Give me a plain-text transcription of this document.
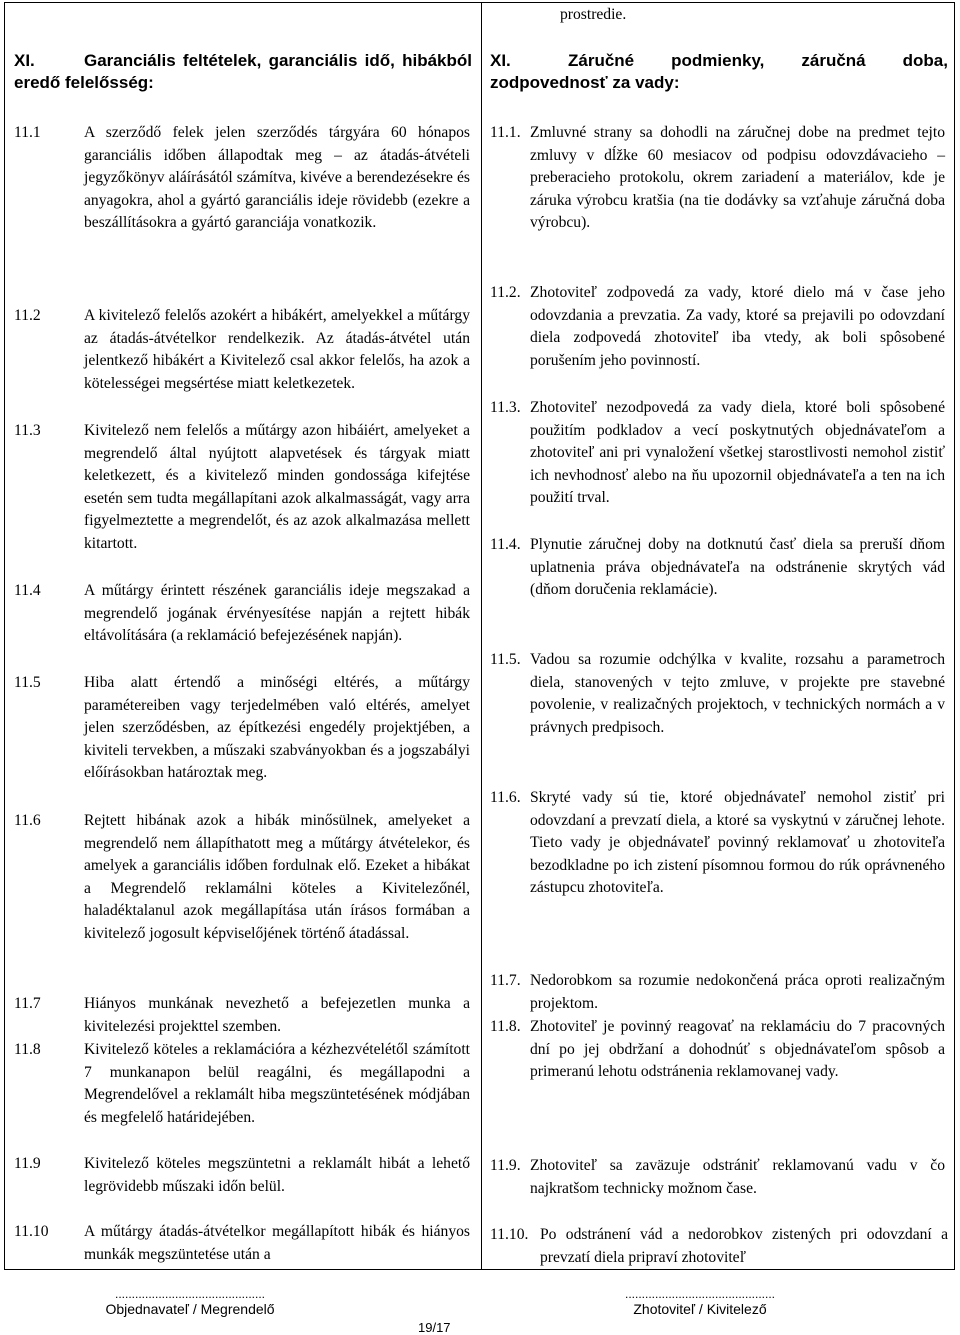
prostredie.
XI.	Garanciális feltételek, garanciális idő, hibákból eredő felelősség:
XI.	Záručné podmienky, záručná doba, zodpovednosť za vady:
11.1	A szerződő felek jelen szerződés tárgyára 60 hónapos garanciális időben állapodtak meg – az átadás-átvételi jegyzőkönyv aláírásától számítva, kivéve a berendezésekre és anyagokra, ahol a gyártó garanciális ideje rövidebb (ezekre a beszállításokra a gyártó garanciája vonatkozik.
11.2	A kivitelező felelős azokért a hibákért, amelyekkel a műtárgy az átadás-átvételkor rendelkezik. Az átadás-átvétel után jelentkező hibákért a Kivitelező csal akkor felelős, ha azok a kötelességei megsértése miatt keletkezetek.
11.3	Kivitelező nem felelős a műtárgy azon hibáiért, amelyeket a megrendelő által nyújtott alapvetések és tárgyak miatt keletkezett, és a kivitelező minden gondossága kifejtése esetén sem tudta megállapítani azok alkalmasságát, vagy arra figyelmeztette a megrendelőt, és az azok alkalmazása mellett kitartott.
11.4	A műtárgy érintett részének garanciális ideje megszakad a megrendelő jogának érvényesítése napján a rejtett hibák eltávolítására (a reklamáció befejezésének napján).
11.5	Hiba alatt értendő a minőségi eltérés, a műtárgy paramétereiben vagy terjedelmében való eltérés, amelyet jelen szerződésben, az építkezési engedély projektjében, a kiviteli tervekben, a műszaki szabványokban és a jogszabályi előírásokban határoztak meg.
11.6	Rejtett hibának azok a hibák minősülnek, amelyeket a megrendelő nem állapíthatott meg a műtárgy átvételekor, és amelyek a garanciális időben fordulnak elő. Ezeket a hibákat a Megrendelő reklamálni köteles a Kivitelezőnél, haladéktalanul azok megállapítása után írásos formában a kivitelező jogosult képviselőjének történő átadással.
11.7	Hiányos munkának nevezhető a befejezetlen munka a kivitelezési projekttel szemben.
11.8	Kivitelező köteles a reklamációra a kézhezvételétől számított 7 munkanapon belül reagálni, és megállapodni a Megrendelővel a reklamált hiba megszüntetésének módjában és megfelelő határidejében.
11.9	Kivitelező köteles megszüntetni a reklamált hibát a lehető legrövidebb műszaki időn belül.
11.10	A műtárgy átadás-átvételkor megállapított hibák és hiányos munkák megszüntetése után a
11.1. Zmluvné strany sa dohodli na záručnej dobe na predmet tejto zmluvy v dĺžke 60 mesiacov od podpisu odovzdávacieho – preberacieho protokolu, okrem zariadení a materiálov, kde je záruka výrobcu kratšia (na tie dodávky sa vzťahuje záručná doba výrobcu).
11.2. Zhotoviteľ zodpovedá za vady, ktoré dielo má v čase jeho odovzdania a prevzatia. Za vady, ktoré sa prejavili po odovzdaní diela zodpovedá zhotoviteľ iba vtedy, ak boli spôsobené porušením jeho povinností.
11.3. Zhotoviteľ nezodpovedá za vady diela, ktoré boli spôsobené použitím podkladov a vecí poskytnutých objednávateľom a zhotoviteľ ani pri vynaložení všetkej starostlivosti nemohol zistiť ich nevhodnosť alebo na ňu upozornil objednávateľa a ten na ich použití trval.
11.4. Plynutie záručnej doby na dotknutú časť diela sa preruší dňom uplatnenia práva objednávateľa na odstránenie skrytých vád (dňom doručenia reklamácie).
11.5. Vadou sa rozumie odchýlka v kvalite, rozsahu a parametroch diela, stanovených v tejto zmluve, v projekte pre stavebné povolenie, v realizačných projektoch, v technických normách a v právnych predpisoch.
11.6. Skryté vady sú tie, ktoré objednávateľ nemohol zistiť pri odovzdaní a prevzatí diela, a ktoré sa vyskytnú v záručnej lehote. Tieto vady je objednávateľ povinný reklamovať u zhotoviteľa bezodkladne po ich zistení písomnou formou do rúk oprávneného zástupcu zhotoviteľa.
11.7. Nedorobkom sa rozumie nedokončená práca oproti realizačným projektom.
11.8. Zhotoviteľ je povinný reagovať na reklamáciu do 7 pracovných dní po jej obdržaní a dohodnúť s objednávateľom spôsob a primeranú lehotu odstránenia reklamovanej vady.
11.9. Zhotoviteľ sa zaväzuje odstrániť reklamovanú vadu v čo najkratšom technicky možnom čase.
11.10. Po odstránení vád a nedorobkov zistených pri odovzdaní a prevzatí diela pripraví zhotoviteľ
.............................................
Objednavateľ / Megrendelő
.............................................
Zhotoviteľ / Kivitelező
19/17
